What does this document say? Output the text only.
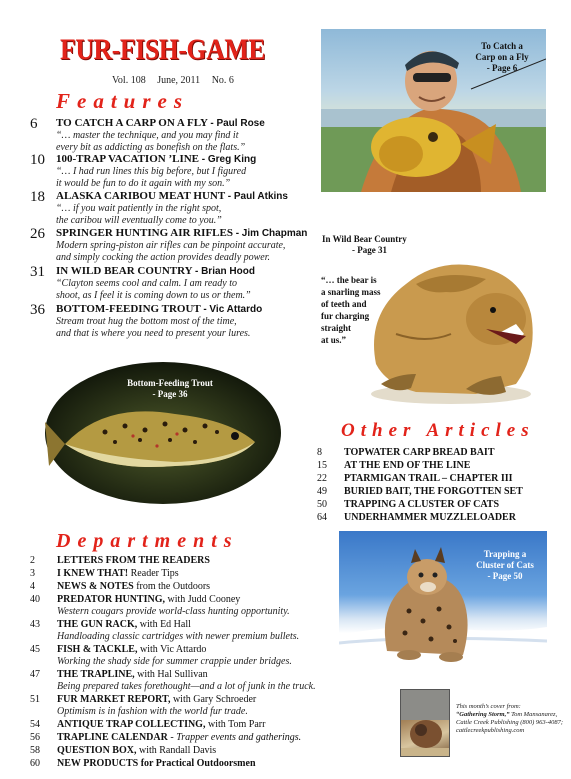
FUR-FISH-GAME
Vol. 108 June, 2011 No. 6
Features
6	TO CATCH A CARP ON A FLY - Paul Rose
“… master the technique, and you may find it
every bit as addicting as bonefish on the flats.”
10	100-TRAP VACATION ’LINE - Greg King
“… I had run lines this big before, but I figured
it would be fun to do it again with my son.”
18	ALASKA CARIBOU MEAT HUNT - Paul Atkins
“… if you wait patiently in the right spot,
the caribou will eventually come to you.”
26	SPRINGER HUNTING AIR RIFLES - Jim Chapman
Modern spring-piston air rifles can be pinpoint accurate,
and simply cocking the action provides deadly power.
31	IN WILD BEAR COUNTRY - Brian Hood
“Clayton seems cool and calm. I am ready to
shoot, as I feel it is coming down to us or them.”
36	BOTTOM-FEEDING TROUT - Vic Attardo
Stream trout hug the bottom most of the time,
and that is where you need to present your lures.
To Catch a
Carp on a Fly
- Page 6
In Wild Bear Country
- Page 31
“… the bear is
a snarling mass
of teeth and
fur charging
straight
at us.”
Bottom-Feeding Trout
- Page 36
Other Articles
8 TOPWATER CARP BREAD BAIT
15 AT THE END OF THE LINE
22 PTARMIGAN TRAIL – CHAPTER III
49 BURIED BAIT, THE FORGOTTEN SET
50 TRAPPING A CLUSTER OF CATS
64 UNDERHAMMER MUZZLELOADER
Departments
2	LETTERS FROM THE READERS
3	I KNEW THAT! Reader Tips
4	NEWS & NOTES from the Outdoors
40	PREDATOR HUNTING, with Judd Cooney
Western cougars provide world-class hunting opportunity.
43	THE GUN RACK, with Ed Hall
Handloading classic cartridges with newer premium bullets.
45	FISH & TACKLE, with Vic Attardo
Working the shady side for summer crappie under bridges.
47	THE TRAPLINE, with Hal Sullivan
Being prepared takes forethought—and a lot of junk in the truck.
51	FUR MARKET REPORT, with Gary Schroeder
Optimism is in fashion with the world fur trade.
54	ANTIQUE TRAP COLLECTING, with Tom Parr
56	TRAPLINE CALENDAR - Trapper events and gatherings.
58	QUESTION BOX, with Randall Davis
60	NEW PRODUCTS for Practical Outdoorsmen
Trapping a
Cluster of Cats
- Page 50
This month’s cover from:
“Gathering Storm,” Tom Mansanarez, Cattle Creek Publishing (800) 963-4087; cattlecreekpublishing.com
